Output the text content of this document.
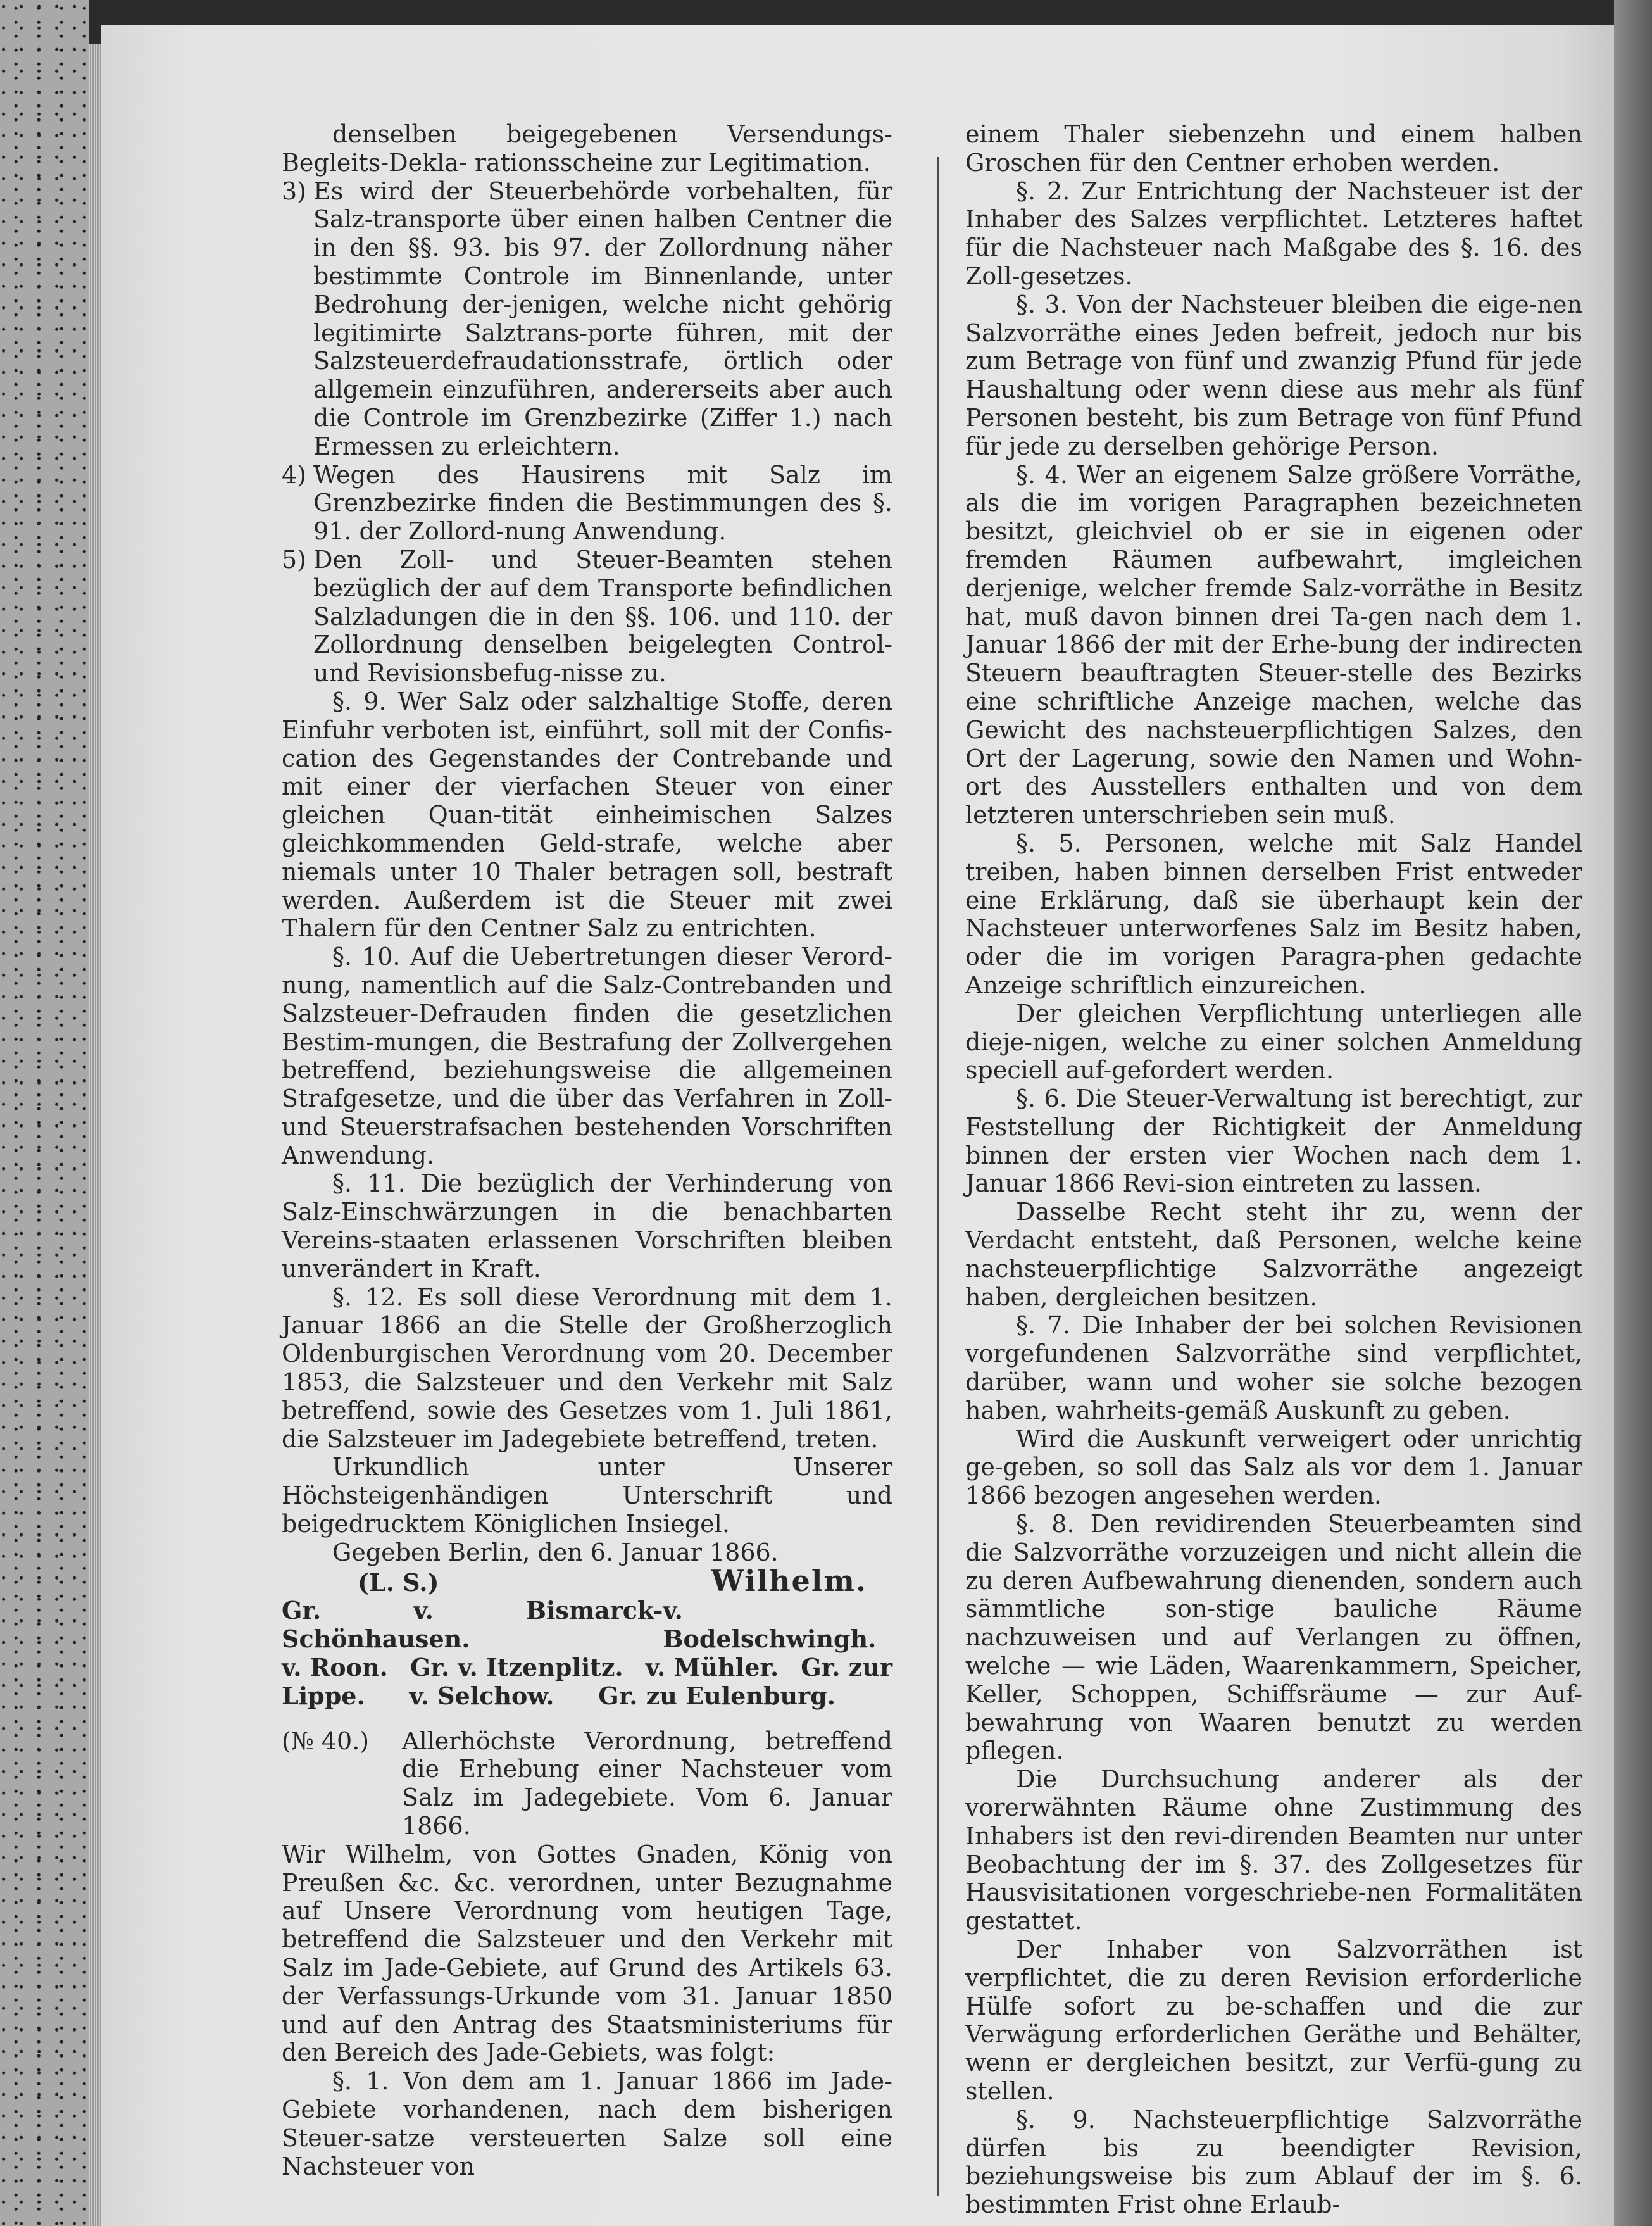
denselben beigegebenen Versendungs-Begleits-Dekla- rationsscheine zur Legitimation.

3) Es wird der Steuerbehörde vorbehalten, für Salz-transporte über einen halben Centner die in den §§. 93. bis 97. der Zollordnung näher bestimmte Controle im Binnenlande, unter Bedrohung der-jenigen, welche nicht gehörig legitimirte Salztrans-porte führen, mit der Salzsteuerdefraudationsstrafe, örtlich oder allgemein einzuführen, andererseits aber auch die Controle im Grenzbezirke (Ziffer 1.) nach Ermessen zu erleichtern.
4) Wegen des Hausirens mit Salz im Grenzbezirke finden die Bestimmungen des §. 91. der Zollord-nung Anwendung.
5) Den Zoll- und Steuer-Beamten stehen bezüglich der auf dem Transporte befindlichen Salzladungen die in den §§. 106. und 110. der Zollordnung denselben beigelegten Control- und Revisionsbefug-nisse zu.

§. 9. Wer Salz oder salzhaltige Stoffe, deren Einfuhr verboten ist, einführt, soll mit der Confis-cation des Gegenstandes der Contrebande und mit einer der vierfachen Steuer von einer gleichen Quan-tität einheimischen Salzes gleichkommenden Geld-strafe, welche aber niemals unter 10 Thaler betragen soll, bestraft werden. Außerdem ist die Steuer mit zwei Thalern für den Centner Salz zu entrichten.

§. 10. Auf die Uebertretungen dieser Verord-nung, namentlich auf die Salz-Contrebanden und Salzsteuer-Defrauden finden die gesetzlichen Bestim-mungen, die Bestrafung der Zollvergehen betreffend, beziehungsweise die allgemeinen Strafgesetze, und die über das Verfahren in Zoll- und Steuerstrafsachen bestehenden Vorschriften Anwendung.

§. 11. Die bezüglich der Verhinderung von Salz-Einschwärzungen in die benachbarten Vereins-staaten erlassenen Vorschriften bleiben unverändert in Kraft.

§. 12. Es soll diese Verordnung mit dem 1. Januar 1866 an die Stelle der Großherzoglich Oldenburgischen Verordnung vom 20. December 1853, die Salzsteuer und den Verkehr mit Salz betreffend, sowie des Gesetzes vom 1. Juli 1861, die Salzsteuer im Jadegebiete betreffend, treten.

Urkundlich unter Unserer Höchsteigenhändigen Unterschrift und beigedrucktem Königlichen Insiegel.

Gegeben Berlin, den 6. Januar 1866.

(L. S.)	Wilhelm.
Gr. v. Bismarck-Schönhausen.
v. Bodelschwingh.
v. Roon. Gr. v. Itzenplitz. v. Mühler. Gr. zur
Lippe. v. Selchow. Gr. zu Eulenburg.
(№ 40.)	Allerhöchste Verordnung, betreffend die Erhebung einer Nachsteuer vom Salz im Jadegebiete. Vom 6. Januar 1866.

Wir Wilhelm, von Gottes Gnaden, König von Preußen &c. &c. verordnen, unter Bezugnahme auf Unsere Verordnung vom heutigen Tage, betreffend die Salzsteuer und den Verkehr mit Salz im Jade-Gebiete, auf Grund des Artikels 63. der Verfassungs-Urkunde vom 31. Januar 1850 und auf den Antrag des Staatsministeriums für den Bereich des Jade-Gebiets, was folgt:

§. 1. Von dem am 1. Januar 1866 im Jade-Gebiete vorhandenen, nach dem bisherigen Steuer-satze versteuerten Salze soll eine Nachsteuer von

einem Thaler siebenzehn und einem halben Groschen für den Centner erhoben werden.

§. 2. Zur Entrichtung der Nachsteuer ist der Inhaber des Salzes verpflichtet. Letzteres haftet für die Nachsteuer nach Maßgabe des §. 16. des Zoll-gesetzes.

§. 3. Von der Nachsteuer bleiben die eige-nen Salzvorräthe eines Jeden befreit, jedoch nur bis zum Betrage von fünf und zwanzig Pfund für jede Haushaltung oder wenn diese aus mehr als fünf Personen besteht, bis zum Betrage von fünf Pfund für jede zu derselben gehörige Person.

§. 4. Wer an eigenem Salze größere Vorräthe, als die im vorigen Paragraphen bezeichneten besitzt, gleichviel ob er sie in eigenen oder fremden Räumen aufbewahrt, imgleichen derjenige, welcher fremde Salz-vorräthe in Besitz hat, muß davon binnen drei Ta-gen nach dem 1. Januar 1866 der mit der Erhe-bung der indirecten Steuern beauftragten Steuer-stelle des Bezirks eine schriftliche Anzeige machen, welche das Gewicht des nachsteuerpflichtigen Salzes, den Ort der Lagerung, sowie den Namen und Wohn-ort des Ausstellers enthalten und von dem letzteren unterschrieben sein muß.

§. 5. Personen, welche mit Salz Handel treiben, haben binnen derselben Frist entweder eine Erklärung, daß sie überhaupt kein der Nachsteuer unterworfenes Salz im Besitz haben, oder die im vorigen Paragra-phen gedachte Anzeige schriftlich einzureichen.

Der gleichen Verpflichtung unterliegen alle dieje-nigen, welche zu einer solchen Anmeldung speciell auf-gefordert werden.

§. 6. Die Steuer-Verwaltung ist berechtigt, zur Feststellung der Richtigkeit der Anmeldung binnen der ersten vier Wochen nach dem 1. Januar 1866 Revi-sion eintreten zu lassen.

Dasselbe Recht steht ihr zu, wenn der Verdacht entsteht, daß Personen, welche keine nachsteuerpflichtige Salzvorräthe angezeigt haben, dergleichen besitzen.

§. 7. Die Inhaber der bei solchen Revisionen vorgefundenen Salzvorräthe sind verpflichtet, darüber, wann und woher sie solche bezogen haben, wahrheits-gemäß Auskunft zu geben.

Wird die Auskunft verweigert oder unrichtig ge-geben, so soll das Salz als vor dem 1. Januar 1866 bezogen angesehen werden.

§. 8. Den revidirenden Steuerbeamten sind die Salzvorräthe vorzuzeigen und nicht allein die zu deren Aufbewahrung dienenden, sondern auch sämmtliche son-stige bauliche Räume nachzuweisen und auf Verlangen zu öffnen, welche — wie Läden, Waarenkammern, Speicher, Keller, Schoppen, Schiffsräume — zur Auf-bewahrung von Waaren benutzt zu werden pflegen.

Die Durchsuchung anderer als der vorerwähnten Räume ohne Zustimmung des Inhabers ist den revi-direnden Beamten nur unter Beobachtung der im §. 37. des Zollgesetzes für Hausvisitationen vorgeschriebe-nen Formalitäten gestattet.

Der Inhaber von Salzvorräthen ist verpflichtet, die zu deren Revision erforderliche Hülfe sofort zu be-schaffen und die zur Verwägung erforderlichen Geräthe und Behälter, wenn er dergleichen besitzt, zur Verfü-gung zu stellen.

§. 9. Nachsteuerpflichtige Salzvorräthe dürfen bis zu beendigter Revision, beziehungsweise bis zum Ablauf der im §. 6. bestimmten Frist ohne Erlaub-
